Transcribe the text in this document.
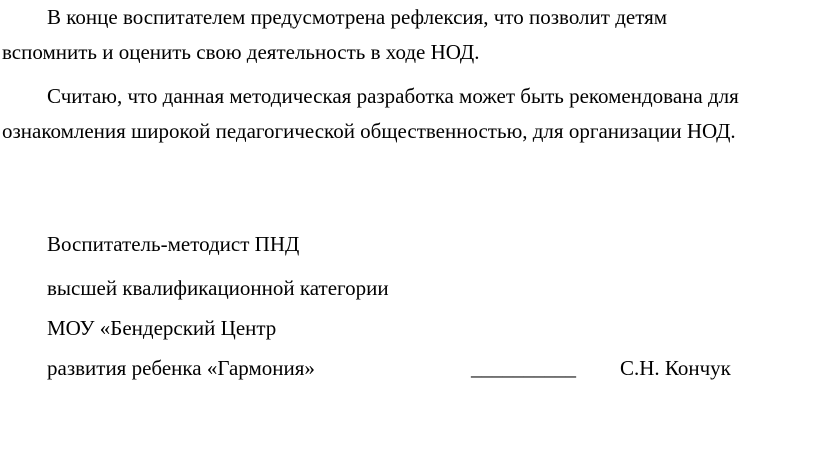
В конце воспитателем предусмотрена рефлексия, что позволит детям
вспомнить и оценить свою деятельность в ходе НОД.
Считаю, что данная методическая разработка может быть рекомендована для
ознакомления широкой педагогической общественностью, для организации НОД.
Воспитатель-методист ПНД
высшей квалификационной категории
МОУ «Бендерский Центр
развития ребенка «Гармония»	__________ С.Н. Кончук
